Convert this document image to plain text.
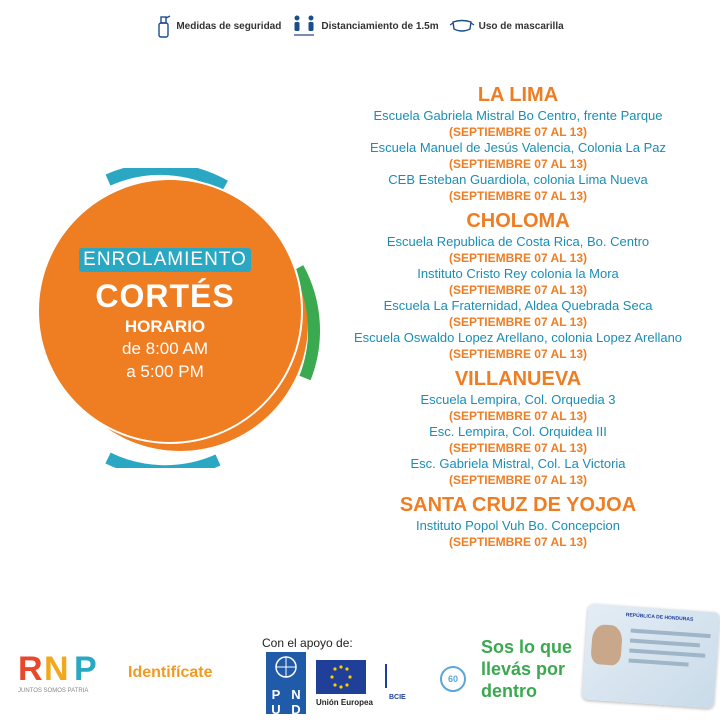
Medidas de seguridad	Distanciamiento de 1.5m	Uso de mascarilla
ENROLAMIENTO
CORTÉS
HORARIO
de 8:00 AM
a 5:00 PM
LA LIMA
Escuela Gabriela Mistral Bo Centro, frente Parque
(SEPTIEMBRE 07 AL 13)
Escuela Manuel de Jesús Valencia, Colonia La Paz
(SEPTIEMBRE 07 AL 13)
CEB Esteban Guardiola, colonia Lima Nueva
(SEPTIEMBRE 07 AL 13)
CHOLOMA
Escuela Republica de Costa Rica, Bo. Centro
(SEPTIEMBRE 07 AL 13)
Instituto Cristo Rey colonia la Mora
(SEPTIEMBRE 07 AL 13)
Escuela La Fraternidad, Aldea Quebrada Seca
(SEPTIEMBRE 07 AL 13)
Escuela Oswaldo Lopez Arellano, colonia Lopez Arellano
(SEPTIEMBRE 07 AL 13)
VILLANUEVA
Escuela Lempira, Col. Orquedia 3
(SEPTIEMBRE 07 AL 13)
Esc. Lempira, Col. Orquidea III
(SEPTIEMBRE 07 AL 13)
Esc. Gabriela Mistral, Col. La Victoria
(SEPTIEMBRE 07 AL 13)
SANTA CRUZ DE YOJOA
Instituto Popol Vuh Bo. Concepcion
(SEPTIEMBRE 07 AL 13)
R N P
JUNTOS SOMOS PATRIA
Identifícate
Con el apoyo de:
P N
U D	Unión Europea
BCIE
60
Sos lo que
llevás por
dentro
REPÚBLICA DE HONDURAS
